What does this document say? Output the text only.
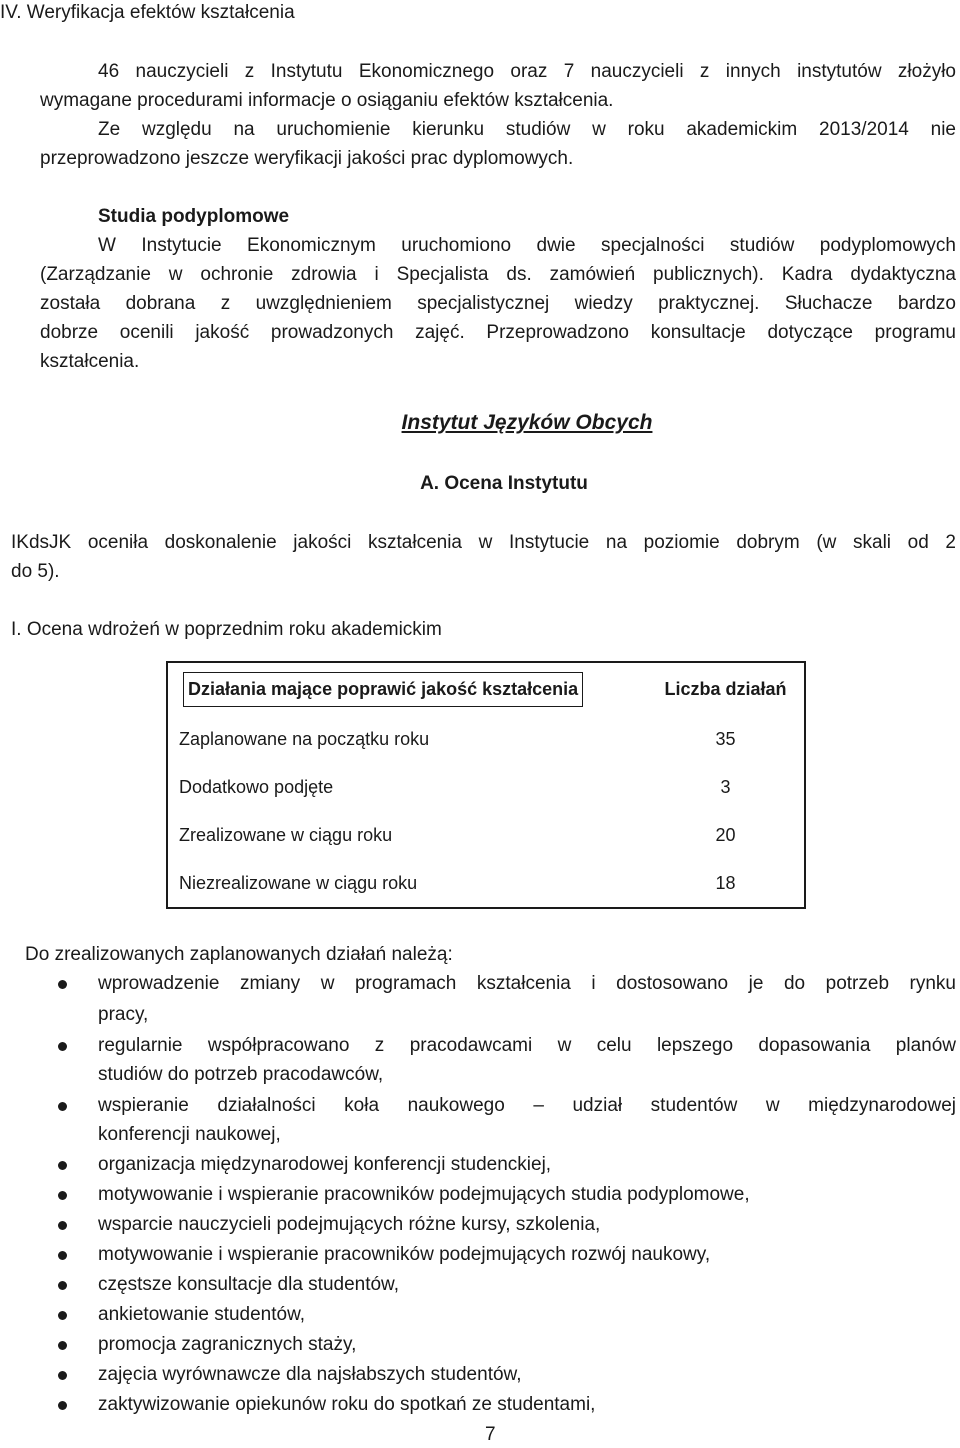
IV. Weryfikacja efektów kształcenia
46 nauczycieli z Instytutu Ekonomicznego oraz 7 nauczycieli z innych instytutów złożyło
wymagane procedurami informacje o osiąganiu efektów kształcenia.
Ze względu na uruchomienie kierunku studiów w roku akademickim 2013/2014 nie
przeprowadzono jeszcze weryfikacji jakości prac dyplomowych.
Studia podyplomowe
W Instytucie Ekonomicznym uruchomiono dwie specjalności studiów podyplomowych
(Zarządzanie w ochronie zdrowia i Specjalista ds. zamówień publicznych). Kadra dydaktyczna
została dobrana z uwzględnieniem specjalistycznej wiedzy praktycznej. Słuchacze bardzo
dobrze ocenili jakość prowadzonych zajęć. Przeprowadzono konsultacje dotyczące programu
kształcenia.
Instytut Języków Obcych
A. Ocena Instytutu
IKdsJK oceniła doskonalenie jakości kształcenia w Instytucie na poziomie dobrym (w skali od 2
do 5).
I. Ocena wdrożeń w poprzednim roku akademickim
Działania mające poprawić jakość kształcenia	Liczba działań
Zaplanowane na początku roku	35
Dodatkowo podjęte	3
Zrealizowane w ciągu roku	20
Niezrealizowane w ciągu roku	18
Do zrealizowanych zaplanowanych działań należą:
wprowadzenie zmiany w programach kształcenia i dostosowano je do potrzeb rynku
pracy,
regularnie współpracowano z pracodawcami w celu lepszego dopasowania planów
studiów do potrzeb pracodawców,
wspieranie działalności koła naukowego – udział studentów w międzynarodowej
konferencji naukowej,
organizacja międzynarodowej konferencji studenckiej,
motywowanie i wspieranie pracowników podejmujących studia podyplomowe,
wsparcie nauczycieli podejmujących różne kursy, szkolenia,
motywowanie i wspieranie pracowników podejmujących rozwój naukowy,
częstsze konsultacje dla studentów,
ankietowanie studentów,
promocja zagranicznych staży,
zajęcia wyrównawcze dla najsłabszych studentów,
zaktywizowanie opiekunów roku do spotkań ze studentami,
7
